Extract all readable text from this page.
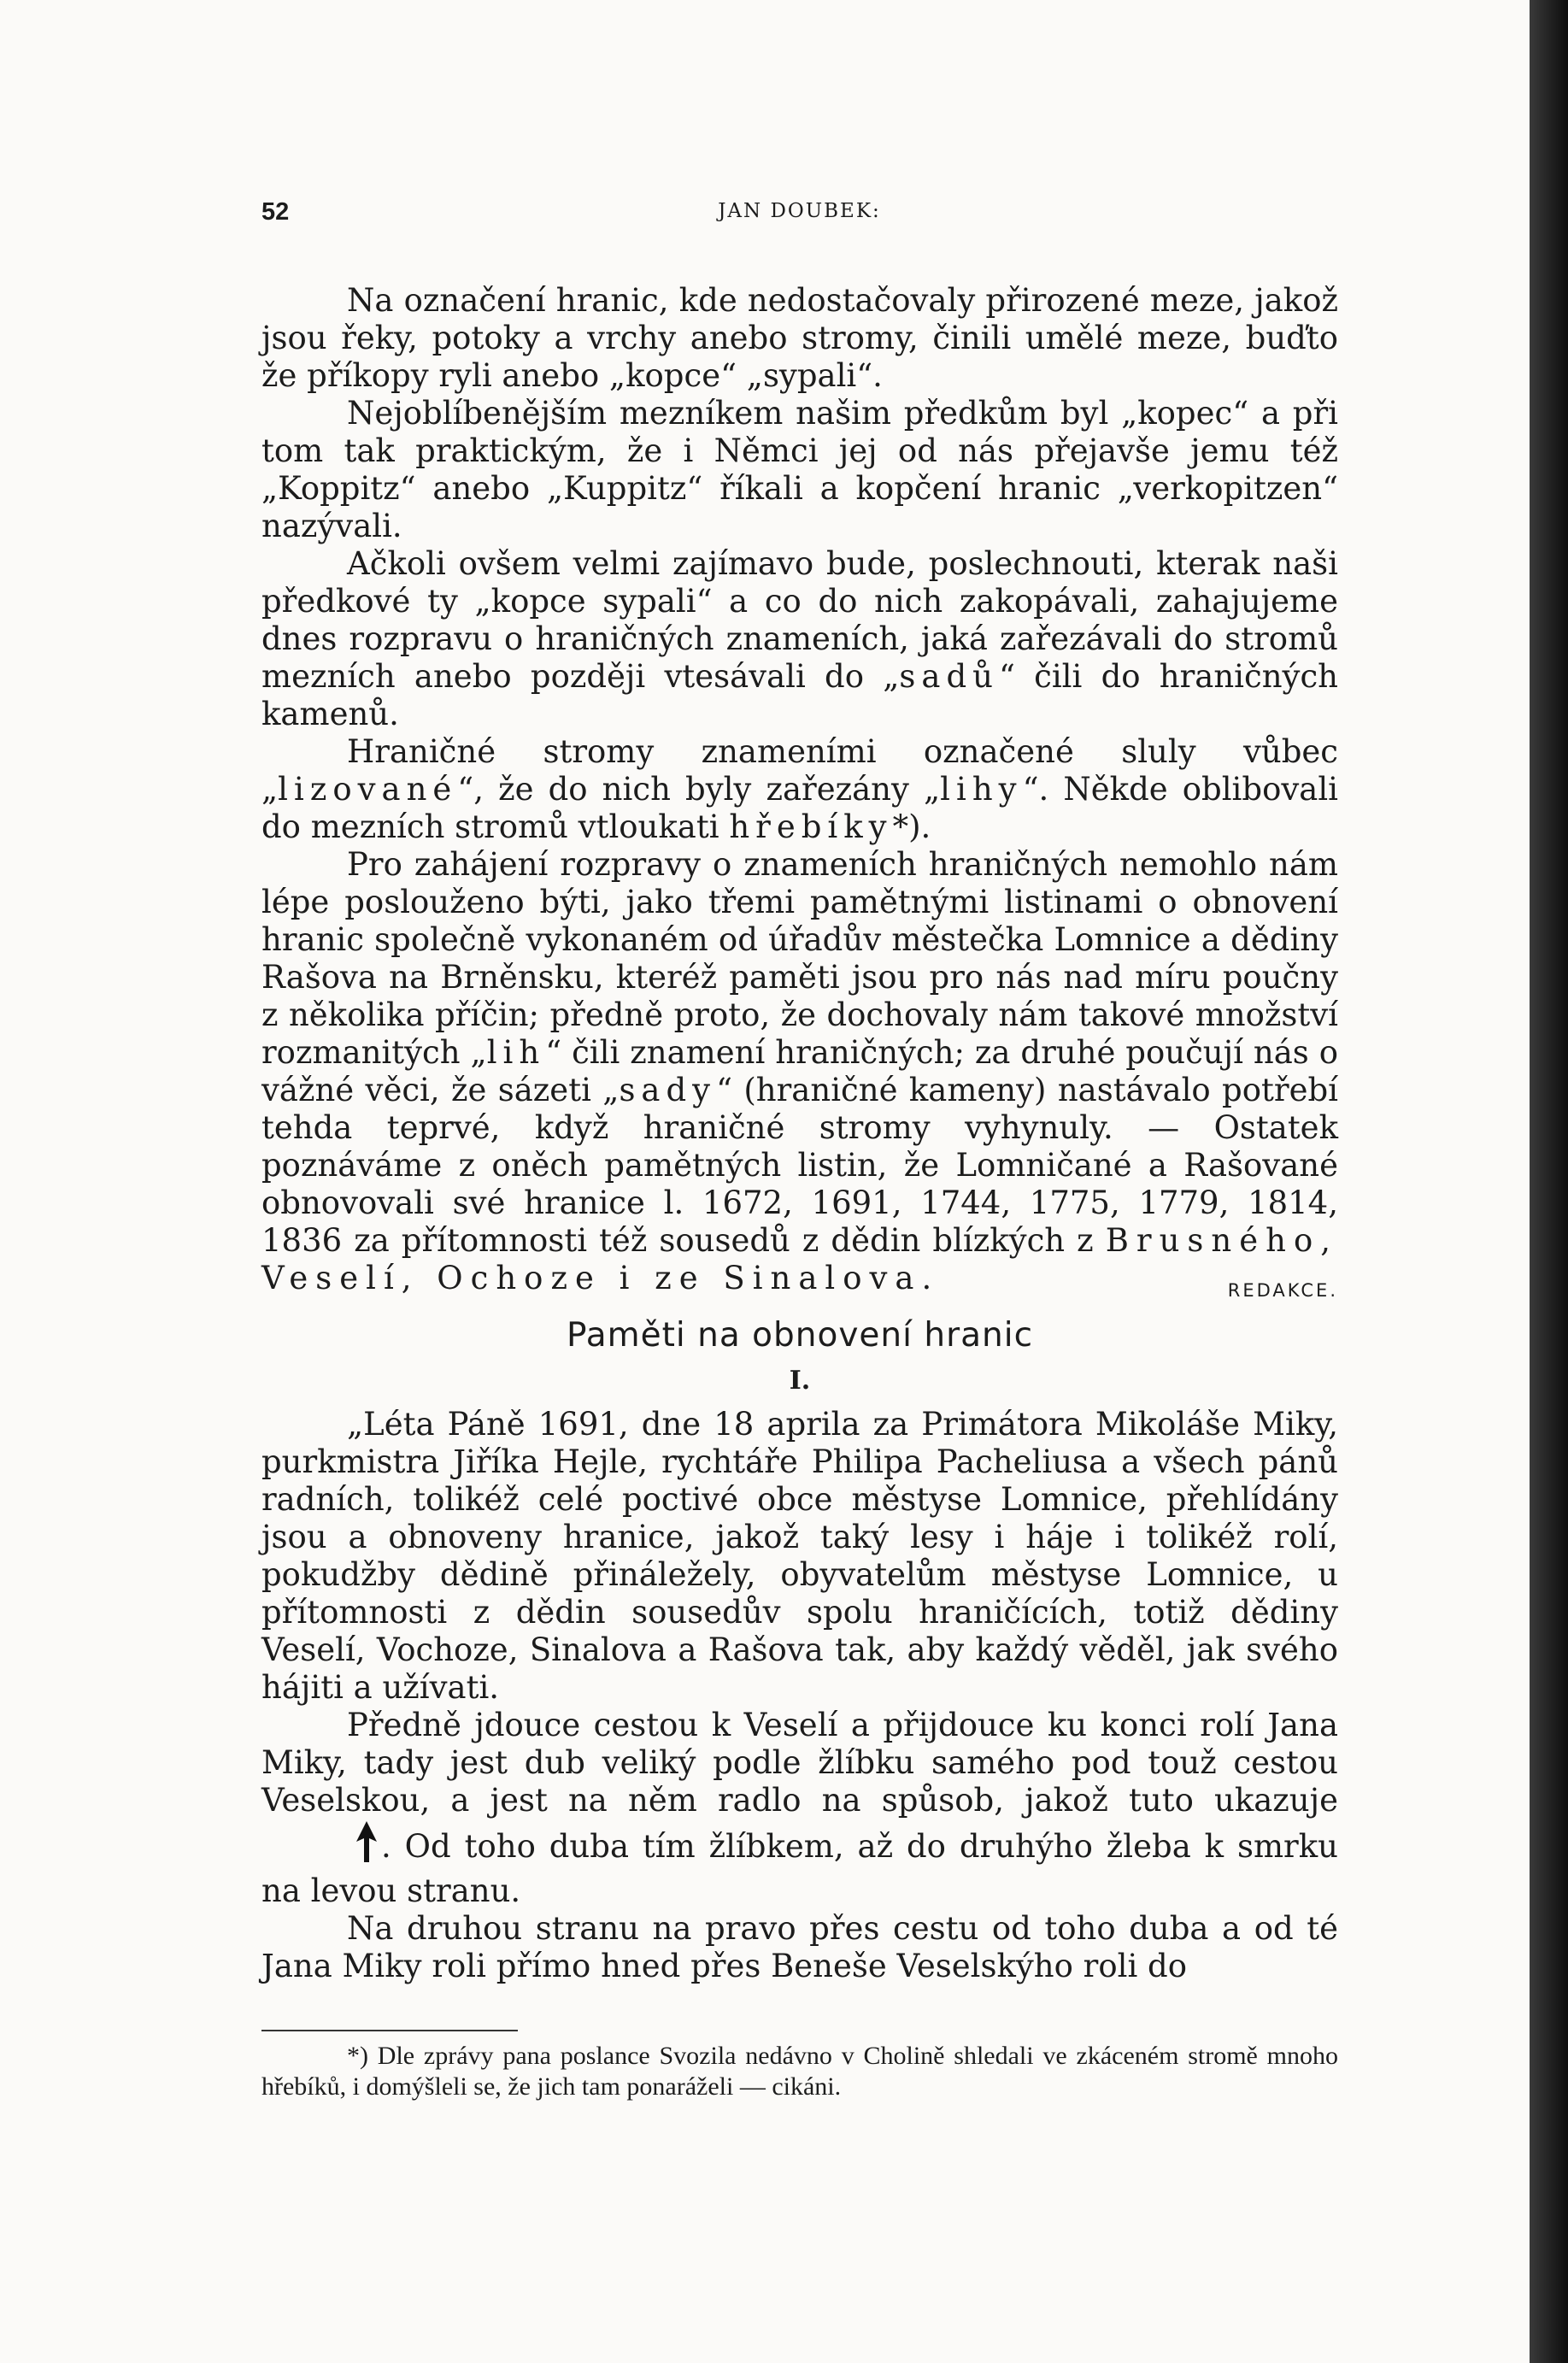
52	JAN DOUBEK:

Na označení hranic, kde nedostačovaly přirozené meze, jakož jsou řeky, potoky a vrchy anebo stromy, činili umělé meze, buďto že příkopy ryli anebo „kopce“ „sypali“.

Nejoblíbenějším mezníkem našim předkům byl „kopec“ a při tom tak praktickým, že i Němci jej od nás přejavše jemu též „Koppitz“ anebo „Kuppitz“ říkali a kopčení hranic „verkopitzen“ nazývali.

Ačkoli ovšem velmi zajímavo bude, poslechnouti, kterak naši předkové ty „kopce sypali“ a co do nich zakopávali, zahajujeme dnes rozpravu o hraničných znameních, jaká zařezávali do stromů mezních anebo později vtesávali do „sadů“ čili do hraničných kamenů.

Hraničné stromy znameními označené sluly vůbec „lizované“, že do nich byly zařezány „lihy“. Někde oblibovali do mezních stromů vtloukati hřebíky*).

Pro zahájení rozpravy o znameních hraničných nemohlo nám lépe poslouženo býti, jako třemi pamětnými listinami o obnovení hranic společně vykonaném od úřadův městečka Lomnice a dědiny Rašova na Brněnsku, kteréž paměti jsou pro nás nad míru poučny z několika příčin; předně proto, že dochovaly nám takové množství rozmanitých „lih“ čili znamení hraničných; za druhé poučují nás o vážné věci, že sázeti „sady“ (hraničné kameny) nastávalo potřebí tehda teprvé, když hraničné stromy vyhynuly. — Ostatek poznáváme z oněch pamětných listin, že Lomničané a Rašované obnovovali své hranice l. 1672, 1691, 1744, 1775, 1779, 1814, 1836 za přítomnosti též sousedů z dědin blízkých z Brusného, Veselí, Ochoze i ze Sinalova.	REDAKCE.

Paměti na obnovení hranic
I.

„Léta Páně 1691, dne 18 aprila za Primátora Mikoláše Miky, purkmistra Jiříka Hejle, rychtáře Philipa Pacheliusa a všech pánů radních, tolikéž celé poctivé obce městyse Lomnice, přehlídány jsou a obnoveny hranice, jakož taký lesy i háje i tolikéž rolí, pokudžby dědině přináležely, obyvatelům městyse Lomnice, u přítomnosti z dědin sousedův spolu hraničících, totiž dědiny Veselí, Vochoze, Sinalova a Rašova tak, aby každý věděl, jak svého hájiti a užívati.

Předně jdouce cestou k Veselí a přijdouce ku konci rolí Jana Miky, tady jest dub veliký podle žlíbku samého pod touž cestou Veselskou, a jest na něm radlo na spůsob, jakož tuto ukazuje. Od toho duba tím žlíbkem, až do druhýho žleba k smrku na levou stranu.

Na druhou stranu na pravo přes cestu od toho duba a od té Jana Miky roli přímo hned přes Beneše Veselskýho roli do

*) Dle zprávy pana poslance Svozila nedávno v Cholině shledali ve zkáceném stromě mnoho hřebíků, i domýšleli se, že jich tam ponaráželi — cikáni.
